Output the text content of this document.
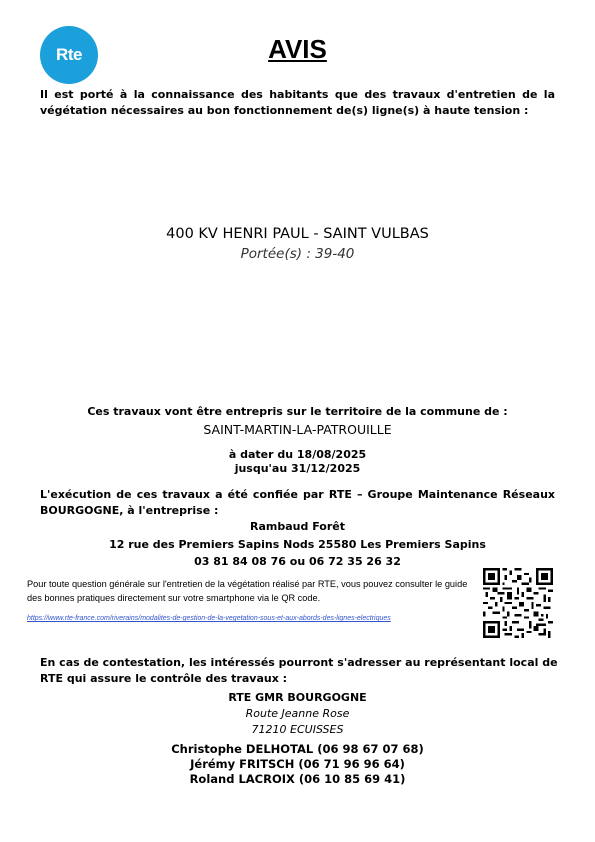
Rte	AVIS
Il est porté à la connaissance des habitants que des travaux d'entretien de la végétation nécessaires au bon fonctionnement de(s) ligne(s) à haute tension :
400 KV HENRI PAUL - SAINT VULBAS
Portée(s) : 39-40
Ces travaux vont être entrepris sur le territoire de la commune de :
SAINT-MARTIN-LA-PATROUILLE
à dater du 18/08/2025
jusqu'au 31/12/2025
L'exécution de ces travaux a été confiée par RTE – Groupe Maintenance Réseaux BOURGOGNE, à l'entreprise :
Rambaud Forêt
12 rue des Premiers Sapins Nods 25580 Les Premiers Sapins
03 81 84 08 76 ou 06 72 35 26 32
Pour toute question générale sur l'entretien de la végétation réalisé par RTE, vous pouvez consulter le guide des bonnes pratiques directement sur votre smartphone via le QR code.
https://www.rte-france.com/riverains/modalites-de-gestion-de-la-vegetation-sous-et-aux-abords-des-lignes-electriques
En cas de contestation, les intéressés pourront s'adresser au représentant local de RTE qui assure le contrôle des travaux :
RTE GMR BOURGOGNE
Route Jeanne Rose
71210 ECUISSES
Christophe DELHOTAL (06 98 67 07 68)
Jérémy FRITSCH (06 71 96 96 64)
Roland LACROIX (06 10 85 69 41)
